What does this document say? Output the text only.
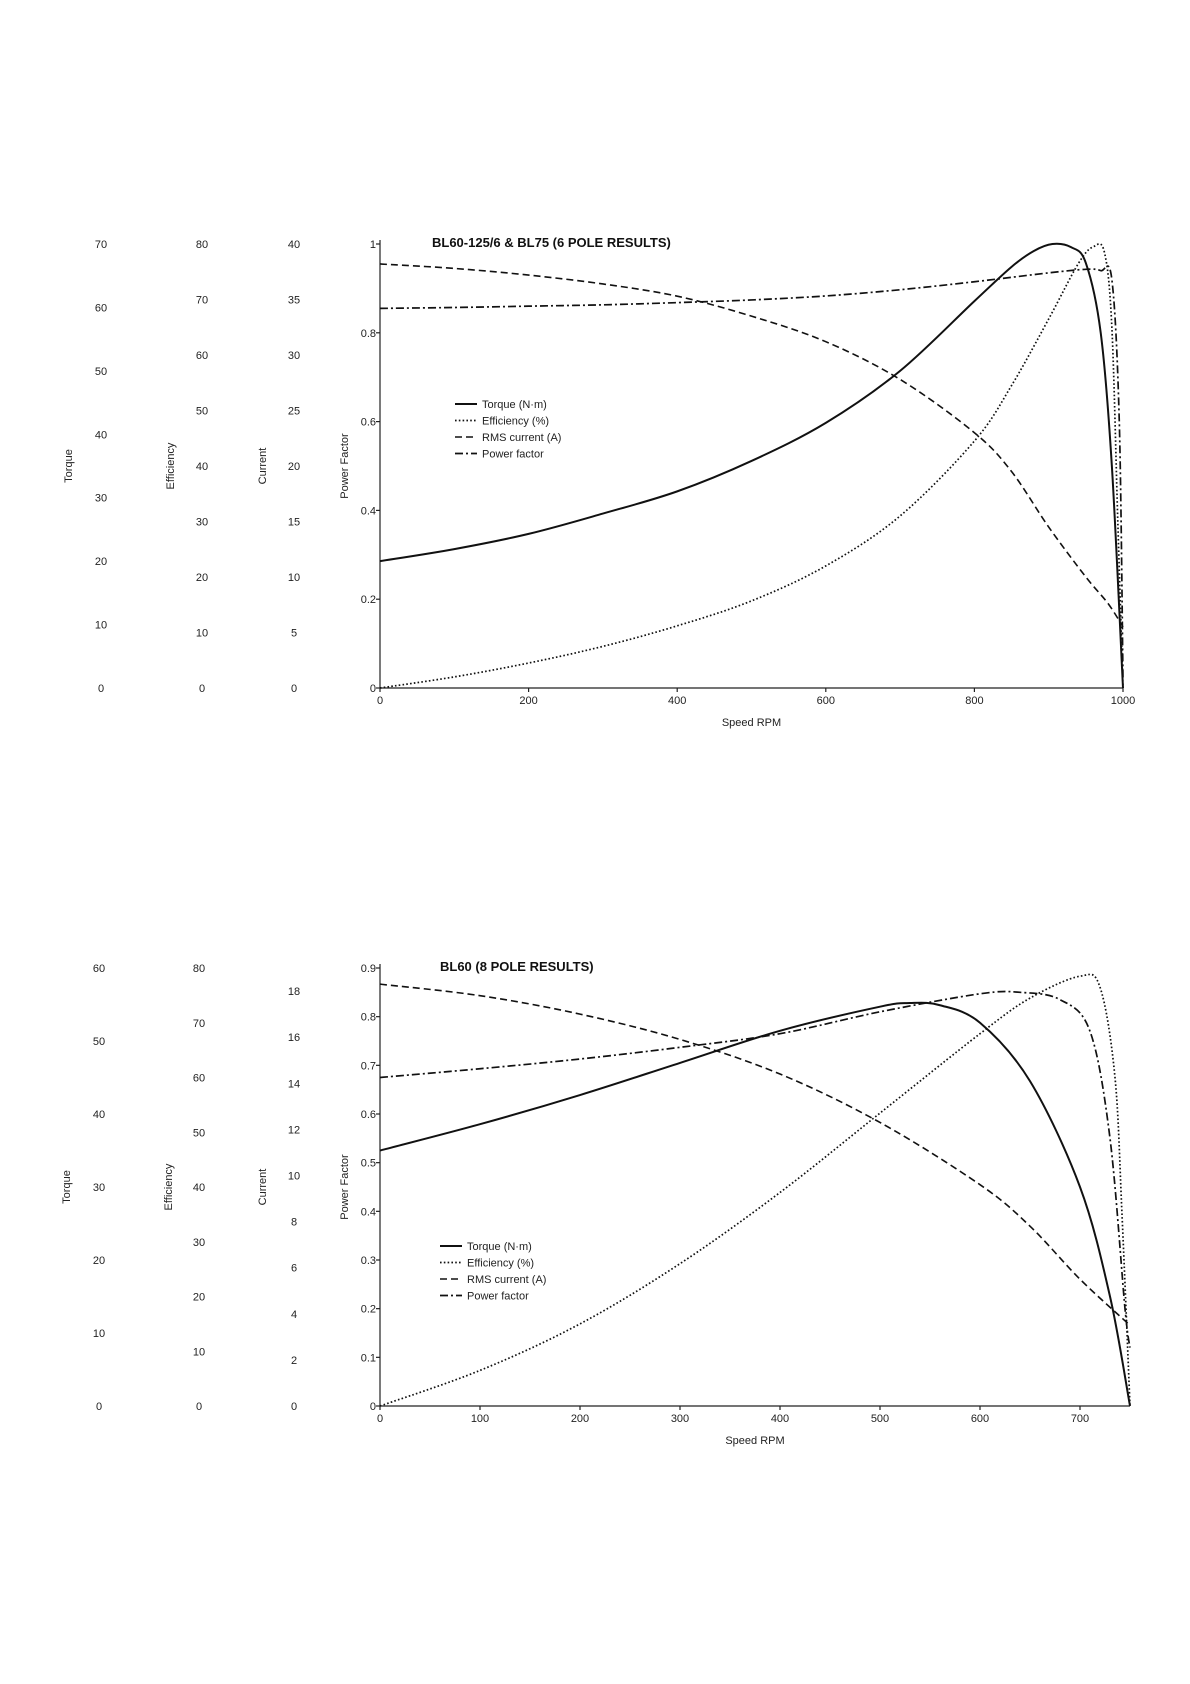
BL60-125/6 & BL75 (6 POLE RESULTS)
0
10
20
30
40
50
60
70
Torque
0
10
20
30
40
50
60
70
80
Efficiency
0
5
10
15
20
25
30
35
40
Current
0
0.2
0.4
0.6
0.8
1
Power Factor
0	200	400	600	800	1000
Speed RPM
Torque (N·m)
Efficiency (%)
RMS current (A)
Power factor
BL60 (8 POLE RESULTS)
0
10
20
30
40
50
60
Torque
0
10
20
30
40
50
60
70
80
Efficiency
0
2
4
6
8
10
12
14
16
18
Current
0
0.1
0.2
0.3
0.4
0.5
0.6
0.7
0.8
0.9
Power Factor
0	100	200	300	400	500	600	700
Speed RPM
Torque (N·m)
Efficiency (%)
RMS current (A)
Power factor
